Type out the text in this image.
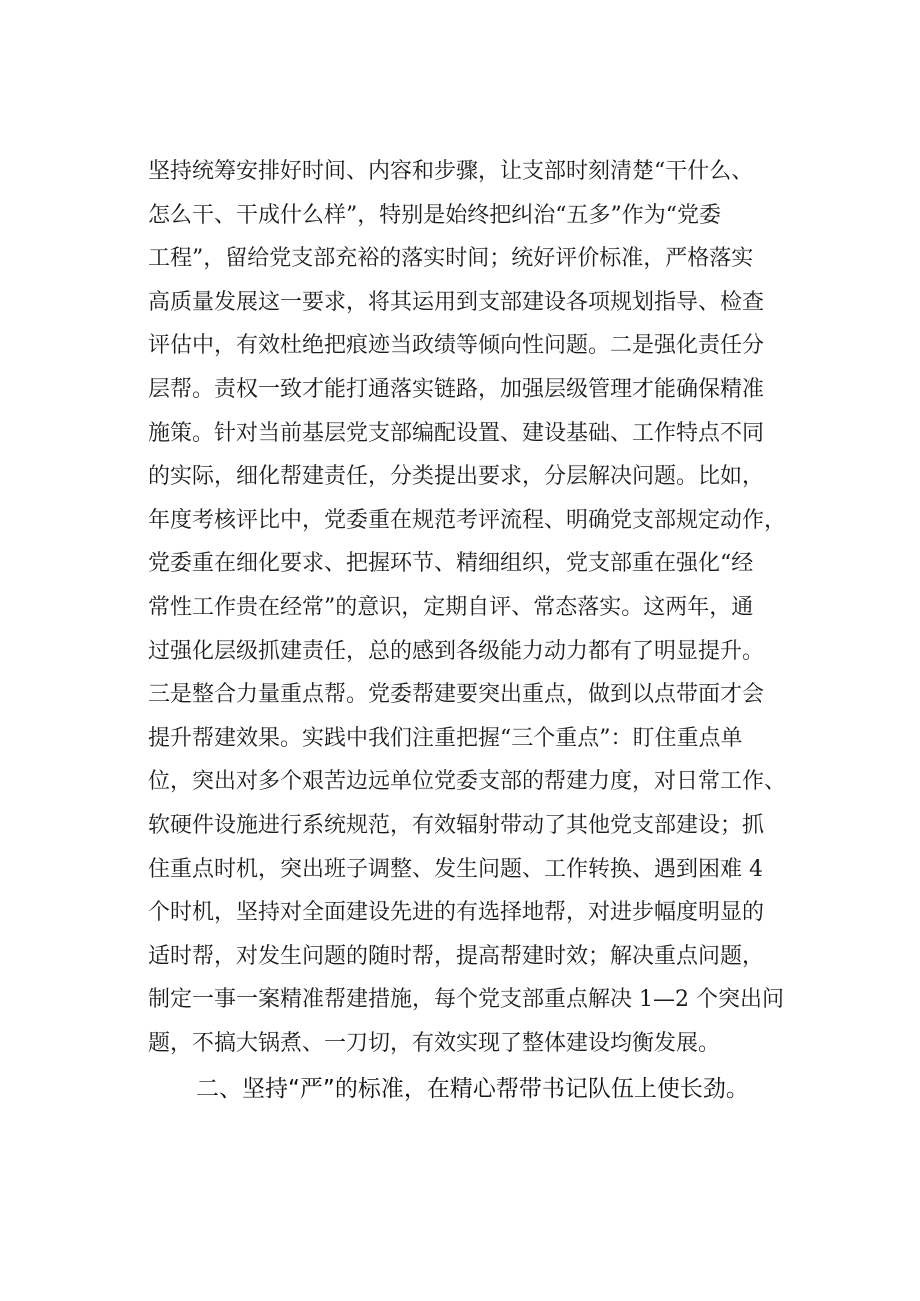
坚持统筹安排好时间、内容和步骤，让支部时刻清楚“干什么、
怎么干、干成什么样”，特别是始终把纠治“五多”作为“党委
工程”，留给党支部充裕的落实时间；统好评价标准，严格落实
高质量发展这一要求，将其运用到支部建设各项规划指导、检查
评估中，有效杜绝把痕迹当政绩等倾向性问题。二是强化责任分
层帮。责权一致才能打通落实链路，加强层级管理才能确保精准
施策。针对当前基层党支部编配设置、建设基础、工作特点不同
的实际，细化帮建责任，分类提出要求，分层解决问题。比如，
年度考核评比中，党委重在规范考评流程、明确党支部规定动作，
党委重在细化要求、把握环节、精细组织，党支部重在强化“经
常性工作贵在经常”的意识，定期自评、常态落实。这两年，通
过强化层级抓建责任，总的感到各级能力动力都有了明显提升。
三是整合力量重点帮。党委帮建要突出重点，做到以点带面才会
提升帮建效果。实践中我们注重把握“三个重点”：盯住重点单
位，突出对多个艰苦边远单位党委支部的帮建力度，对日常工作、
软硬件设施进行系统规范，有效辐射带动了其他党支部建设；抓
住重点时机，突出班子调整、发生问题、工作转换、遇到困难 4
个时机，坚持对全面建设先进的有选择地帮，对进步幅度明显的
适时帮，对发生问题的随时帮，提高帮建时效；解决重点问题，
制定一事一案精准帮建措施，每个党支部重点解决 1—2 个突出问
题，不搞大锅煮、一刀切，有效实现了整体建设均衡发展。
二、坚持“严”的标准，在精心帮带书记队伍上使长劲。
